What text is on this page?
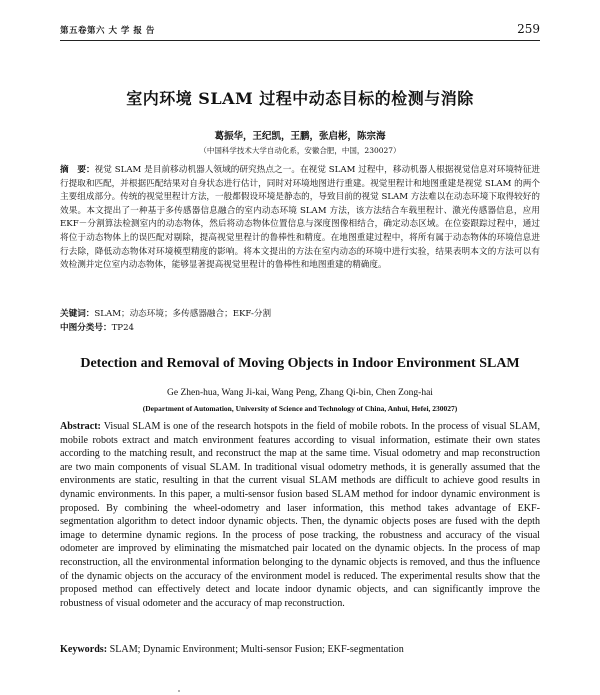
第五卷第六 大 学 报 告	259
室内环境 SLAM 过程中动态目标的检测与消除
葛振华，王纪凯，王鹏，张启彬，陈宗海
（中国科学技术大学自动化系，安徽合肥，中国，230027）
摘　要：视觉 SLAM 是目前移动机器人领域的研究热点之一。在视觉 SLAM 过程中，移动机器人根据视觉信息对环境特征进行提取和匹配，并根据匹配结果对自身状态进行估计，同时对环境地图进行重建。视觉里程计和地图重建是视觉 SLAM 的两个主要组成部分。传统的视觉里程计方法，一般都假设环境是静态的，导致目前的视觉 SLAM 方法难以在动态环境下取得较好的效果。本文提出了一种基于多传感器信息融合的室内动态环境 SLAM 方法，该方法结合车载里程计、激光传感器信息，应用 EKF－分割算法检测室内的动态物体，然后将动态物体位置信息与深度图像相结合，确定动态区域。在位姿跟踪过程中，通过将位于动态物体上的误匹配对剔除，提高视觉里程计的鲁棒性和精度。在地图重建过程中，将所有属于动态物体的环境信息进行去除，降低动态物体对环境模型精度的影响。将本文提出的方法在室内动态的环境中进行实验，结果表明本文的方法可以有效检测并定位室内动态物体，能够显著提高视觉里程计的鲁棒性和地图重建的精确度。
关键词：SLAM；动态环境；多传感器融合；EKF-分割
中图分类号：TP24
Detection and Removal of Moving Objects in Indoor Environment SLAM
Ge Zhen-hua, Wang Ji-kai, Wang Peng, Zhang Qi-bin, Chen Zong-hai
(Department of Automation, University of Science and Technology of China, Anhui, Hefei, 230027)
Abstract: Visual SLAM is one of the research hotspots in the field of mobile robots. In the process of visual SLAM, mobile robots extract and match environment features according to visual information, estimate their own states according to the matching result, and reconstruct the map at the same time. Visual odometry and map reconstruction are two main components of visual SLAM. In traditional visual odometry methods, it is generally assumed that the environments are static, resulting in that the current visual SLAM methods are difficult to achieve good results in dynamic environments. In this paper, a multi-sensor fusion based SLAM method for indoor dynamic environment is proposed. By combining the wheel-odometry and laser information, this method takes advantage of EKF-segmentation algorithm to detect indoor dynamic objects. Then, the dynamic objects poses are fused with the depth image to determine dynamic regions. In the process of pose tracking, the robustness and accuracy of the visual odometer are improved by eliminating the mismatched pair located on the dynamic objects. In the process of map reconstruction, all the environmental information belonging to the dynamic objects is removed, and thus the influence of the dynamic objects on the accuracy of the environment model is reduced. The experimental results show that the proposed method can effectively detect and locate indoor dynamic objects, and can significantly improve the robustness of visual odometer and the accuracy of map reconstruction.
Keywords: SLAM; Dynamic Environment; Multi-sensor Fusion; EKF-segmentation
